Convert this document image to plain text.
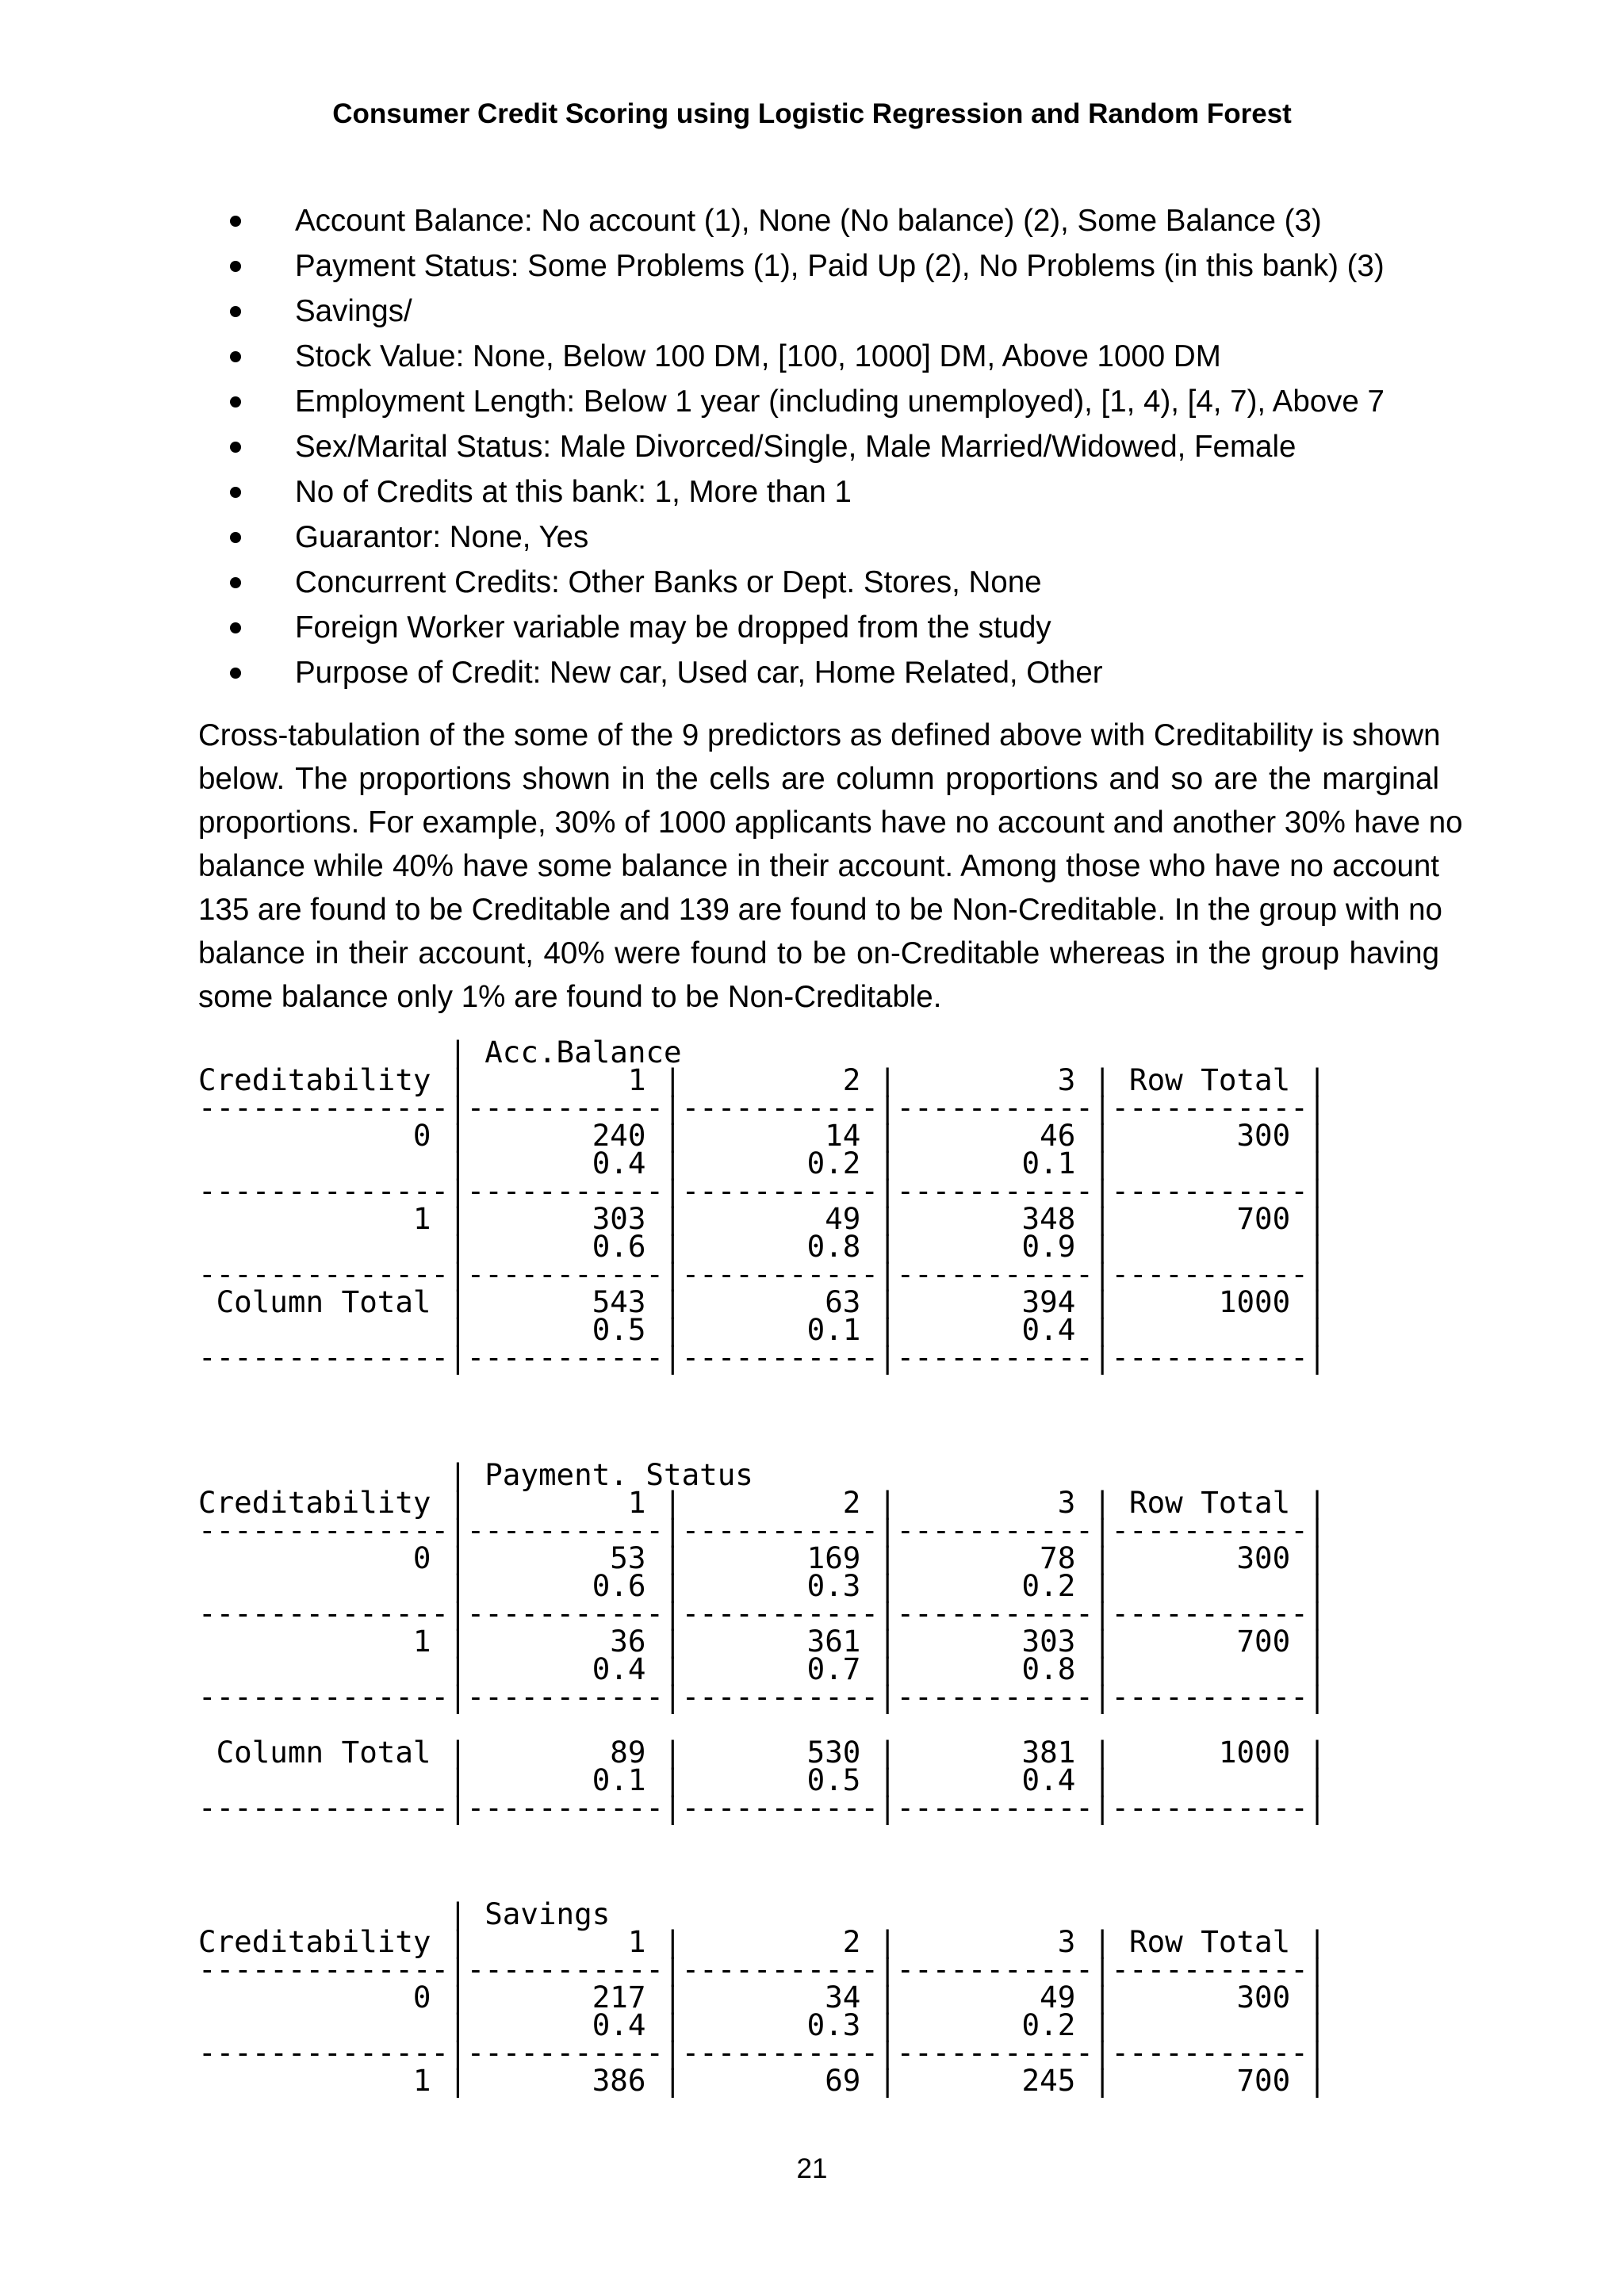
Consumer Credit Scoring using Logistic Regression and Random Forest
Account Balance: No account (1), None (No balance) (2), Some Balance (3)
Payment Status: Some Problems (1), Paid Up (2), No Problems (in this bank) (3)
Savings/
Stock Value: None, Below 100 DM, [100, 1000] DM, Above 1000 DM
Employment Length: Below 1 year (including unemployed), [1, 4), [4, 7), Above 7
Sex/Marital Status: Male Divorced/Single, Male Married/Widowed, Female
No of Credits at this bank: 1, More than 1
Guarantor: None, Yes
Concurrent Credits: Other Banks or Dept. Stores, None
Foreign Worker variable may be dropped from the study
Purpose of Credit: New car, Used car, Home Related, Other
Cross-tabulation of the some of the 9 predictors as defined above with Creditability is shown
below. The proportions shown in the cells are column proportions and so are the marginal
proportions. For example, 30% of 1000 applicants have no account and another 30% have no
balance while 40% have some balance in their account. Among those who have no account
135 are found to be Creditable and 139 are found to be Non-Creditable. In the group with no
balance in their account, 40% were found to be on-Creditable whereas in the group having
some balance only 1% are found to be Non-Creditable.
| Acc.Balance
Creditability |         1 |         2 |         3 | Row Total |
--------------|-----------|-----------|-----------|-----------|
0 |       240 |        14 |        46 |       300 |
|       0.4 |       0.2 |       0.1 |           |
--------------|-----------|-----------|-----------|-----------|
1 |       303 |        49 |       348 |       700 |
|       0.6 |       0.8 |       0.9 |           |
--------------|-----------|-----------|-----------|-----------|
Column Total |       543 |        63 |       394 |      1000 |
|       0.5 |       0.1 |       0.4 |           |
--------------|-----------|-----------|-----------|-----------|
| Payment. Status
Creditability |         1 |         2 |         3 | Row Total |
--------------|-----------|-----------|-----------|-----------|
0 |        53 |       169 |        78 |       300 |
|       0.6 |       0.3 |       0.2 |           |
--------------|-----------|-----------|-----------|-----------|
1 |        36 |       361 |       303 |       700 |
|       0.4 |       0.7 |       0.8 |           |
--------------|-----------|-----------|-----------|-----------|

Column Total |        89 |       530 |       381 |      1000 |
|       0.1 |       0.5 |       0.4 |           |
--------------|-----------|-----------|-----------|-----------|
| Savings
Creditability |         1 |         2 |         3 | Row Total |
--------------|-----------|-----------|-----------|-----------|
0 |       217 |        34 |        49 |       300 |
|       0.4 |       0.3 |       0.2 |           |
--------------|-----------|-----------|-----------|-----------|
1 |       386 |        69 |       245 |       700 |
21
